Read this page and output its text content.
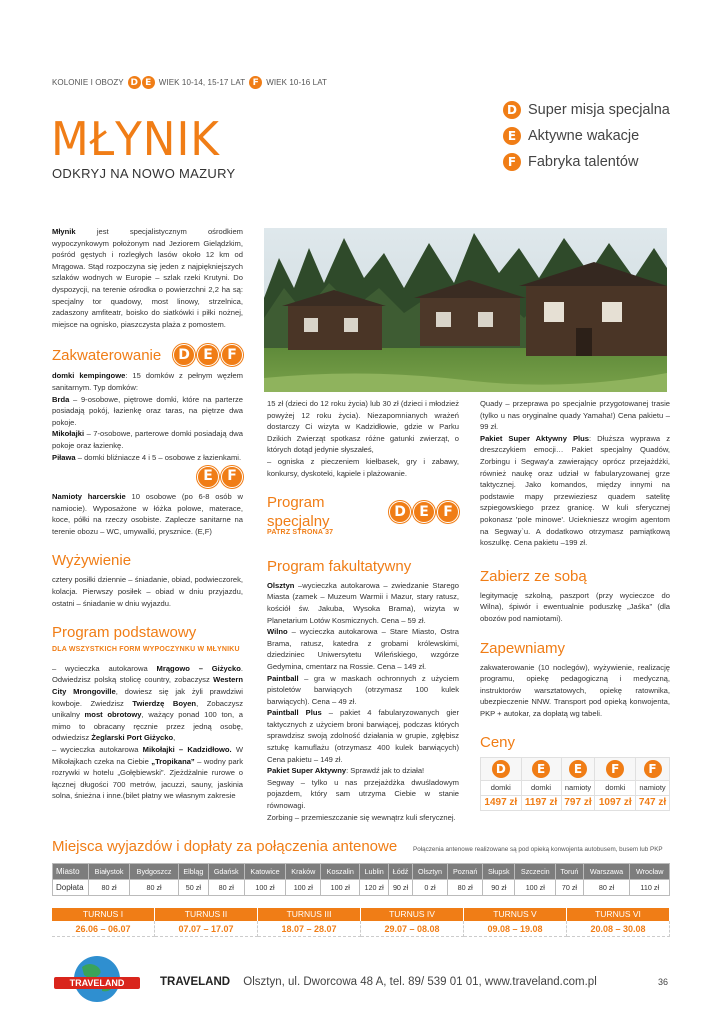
KOLONIE I OBOZY D E WIEK 10-14, 15-17 LAT F WIEK 10-16 LAT
MŁYNIK
ODKRYJ NA NOWO MAZURY
D Super misja specjalna
E Aktywne wakacje
F Fabryka talentów

Młynik jest specjalistycznym ośrodkiem wypoczynkowym położonym nad Jeziorem Gielądzkim, pośród gęstych i rozległych lasów około 12 km od Mrągowa. Stąd rozpoczyna się jeden z najpiękniejszych szlaków wodnych w Europie – szlak rzeki Krutyni. Do dyspozycji, na terenie ośrodka o powierzchni 2,2 ha są: specjalny tor quadowy, most linowy, strzelnica, zadaszony amfiteatr, boisko do siatkówki i piłki nożnej, miejsce na ognisko, piaszczysta plaża z pomostem.

Zakwaterowanie	D E	F

domki kempingowe: 15 domków z pełnym węzłem sanitarnym. Typ domków:

Brda – 9-osobowe, piętrowe domki, które na parterze posiadają pokój, łazienkę oraz taras, na piętrze dwa pokoje.

Mikołajki – 7-osobowe, parterowe domki posiadają dwa pokoje oraz łazienkę.

Piława – domki bliźniacze 4 i 5 – osobowe z łazienkami.

E	F

Namioty harcerskie 10 osobowe (po 6-8 osób w namiocie). Wyposażone w łóżka polowe, materace, koce, półki na rzeczy osobiste. Zaplecze sanitarne na terenie obozu – WC, umywalki, prysznice. (E,F)

Wyżywienie

cztery posiłki dziennie – śniadanie, obiad, podwieczorek, kolacja. Pierwszy posiłek – obiad w dniu przyjazdu, ostatni – śniadanie w dniu wyjazdu.

Program podstawowy
DLA WSZYSTKICH FORM WYPOCZYNKU W MŁYNIKU

– wycieczka autokarowa Mrągowo – Giżycko. Odwiedzisz polską stolicę country, zobaczysz Western City Mrongoville, dowiesz się jak żyli prawdziwi kowboje. Zwiedzisz Twierdzę Boyen, Zobaczysz unikalny most obrotowy, ważący ponad 100 ton, a mimo to obracany ręcznie przez jedną osobę, odwiedzisz Żeglarski Port Giżycko,

– wycieczka autokarowa Mikołajki – Kadzidłowo. W Mikołajkach czeka na Ciebie „Tropikana” – wodny park rozrywki w hotelu „Gołębiewski”. Zjeżdżalnie rurowe o łącznej długości 700 metrów, jacuzzi, sauny, jaskinia solna, śnieżna i inne.(bilet płatny we własnym zakresie

15 zł (dzieci do 12 roku życia) lub 30 zł (dzieci i młodzież powyżej 12 roku życia). Niezapomnianych wrażeń dostarczy Ci wizyta w Kadzidłowie, gdzie w Parku Dzikich Zwierząt spotkasz różne gatunki zwierząt, o których dotąd jedynie słyszałeś,

– ogniska z pieczeniem kiełbasek, gry i zabawy, konkursy, dyskoteki, kąpiele i plażowanie.

Program specjalny
D E	F
PATRZ STRONA 37
Program fakultatywny

Olsztyn –wycieczka autokarowa – zwiedzanie Starego Miasta (zamek – Muzeum Warmii i Mazur, stary ratusz, kościół św. Jakuba, Wysoka Brama), wizyta w Planetarium Lotów Kosmicznych. Cena – 59 zł.

Wilno – wycieczka autokarowa – Stare Miasto, Ostra Brama, ratusz, katedra z grobami królewskimi, dziedziniec Uniwersytetu Wileńskiego, wzgórze Gedymina, cmentarz na Rossie. Cena – 149 zł.

Paintball – gra w maskach ochronnych z użyciem pistoletów barwiących (otrzymasz 100 kulek barwiących). Cena – 49 zł.

Paintball Plus – pakiet 4 fabularyzowanych gier taktycznych z użyciem broni barwiącej, podczas których sprawdzisz swoją zdolność działania w grupie, zgłębisz sztukę kamuflażu (otrzymasz 400 kulek barwiących) Cena pakietu – 149 zł.

Pakiet Super Aktywny: Sprawdź jak to działa!

Segway – tylko u nas przejażdżka dwuśladowym pojazdem, który sam utrzyma Ciebie w stanie równowagi.

Zorbing – przemieszczanie się wewnątrz kuli sferycznej.

Quady – przeprawa po specjalnie przygotowanej trasie (tylko u nas oryginalne quady Yamaha!) Cena pakietu – 99 zł.

Pakiet Super Aktywny Plus: Dłuższa wyprawa z dreszczykiem emocji… Pakiet specjalny Quadów, Zorbingu i Segway'a zawierający oprócz przejażdżki, również naukę oraz udział w fabularyzowanej grze taktycznej. Jako komandos, między innymi na podstawie mapy przewieziesz quadem satelitę szpiegowskiego przez granicę. W kuli sferycznej pokonasz 'pole minowe'. Ucieknieszz wrogim agentom na Segway`u. A dodatkowo otrzymasz pamiątkową koszulkę. Cena pakietu –199 zł.

Zabierz ze sobą

legitymację szkolną, paszport (przy wycieczce do Wilna), śpiwór i ewentualnie poduszkę „Jaśka” (dla obozów pod namiotami).

Zapewniamy

zakwaterowanie (10 noclegów), wyżywienie, realizację programu, opiekę pedagogiczną i medyczną, instruktorów warsztatowych, opiekę ratownika, ubezpieczenie NNW. Transport pod opieką konwojenta, PKP + autokar, za dopłatą wg tabeli.

Ceny
D	E	E	F	F
domki	domki	namioty	domki	namioty
1497 zł	1197 zł	797 zł	1097 zł	747 zł
Miejsca wyjazdów i dopłaty za połączenia antenowe	Połączenia antenowe realizowane są pod opieką konwojenta autobusem, busem lub PKP
Miasto	Białystok	Bydgoszcz	Elbląg	Gdańsk	Katowice	Kraków	Koszalin	Lublin	Łódź	Olsztyn	Poznań	Słupsk	Szczecin	Toruń	Warszawa	Wrocław
Dopłata	80 zł	80 zł	50 zł	80 zł	100 zł	100 zł	100 zł	120 zł	90 zł	0 zł	80 zł	90 zł	100 zł	70 zł	80 zł	110 zł
TURNUS I	TURNUS II	TURNUS III	TURNUS IV	TURNUS V	TURNUS VI
26.06 – 06.07	07.07 – 17.07	18.07 – 28.07	29.07 – 08.08	09.08 – 19.08	20.08 – 30.08
TRAVELAND	TRAVELAND Olsztyn, ul. Dworcowa 48 A, tel. 89/ 539 01 01, www.traveland.com.pl	36
